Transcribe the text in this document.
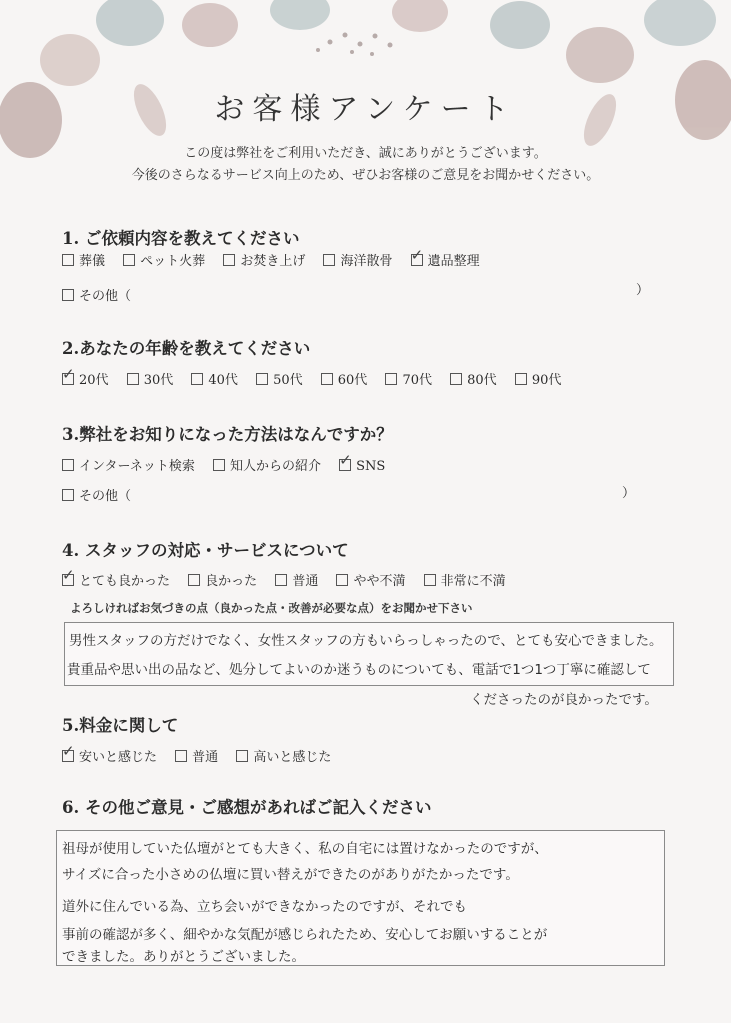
お客様アンケート
この度は弊社をご利用いただき、誠にありがとうございます。
今後のさらなるサービス向上のため、ぜひお客様のご意見をお聞かせください。
1. ご依頼内容を教えてください
葬儀	ペット火葬	お焚き上げ	海洋散骨 ✓	遺品整理
その他（	）
2.あなたの年齢を教えてください
✓20代	30代	40代	50代	60代	70代	80代	90代
3.弊社をお知りになった方法はなんですか？
インターネット検索	知人からの紹介 ✓	SNS
その他（	）
4. スタッフの対応・サービスについて
✓とても良かった	良かった	普通	やや不満	非常に不満
よろしければお気づきの点（良かった点・改善が必要な点）をお聞かせ下さい
男性スタッフの方だけでなく、女性スタッフの方もいらっしゃったので、とても安心できました。
貴重品や思い出の品など、処分してよいのか迷うものについても、電話で1つ1つ丁寧に確認して
くださったのが良かったです。
5.料金に関して
✓安いと感じた	普通	高いと感じた
6. その他ご意見・ご感想があればご記入ください
祖母が使用していた仏壇がとても大きく、私の自宅には置けなかったのですが、
サイズに合った小さめの仏壇に買い替えができたのがありがたかったです。
道外に住んでいる為、立ち会いができなかったのですが、それでも
事前の確認が多く、細やかな気配が感じられたため、安心してお願いすることが
できました。ありがとうございました。
